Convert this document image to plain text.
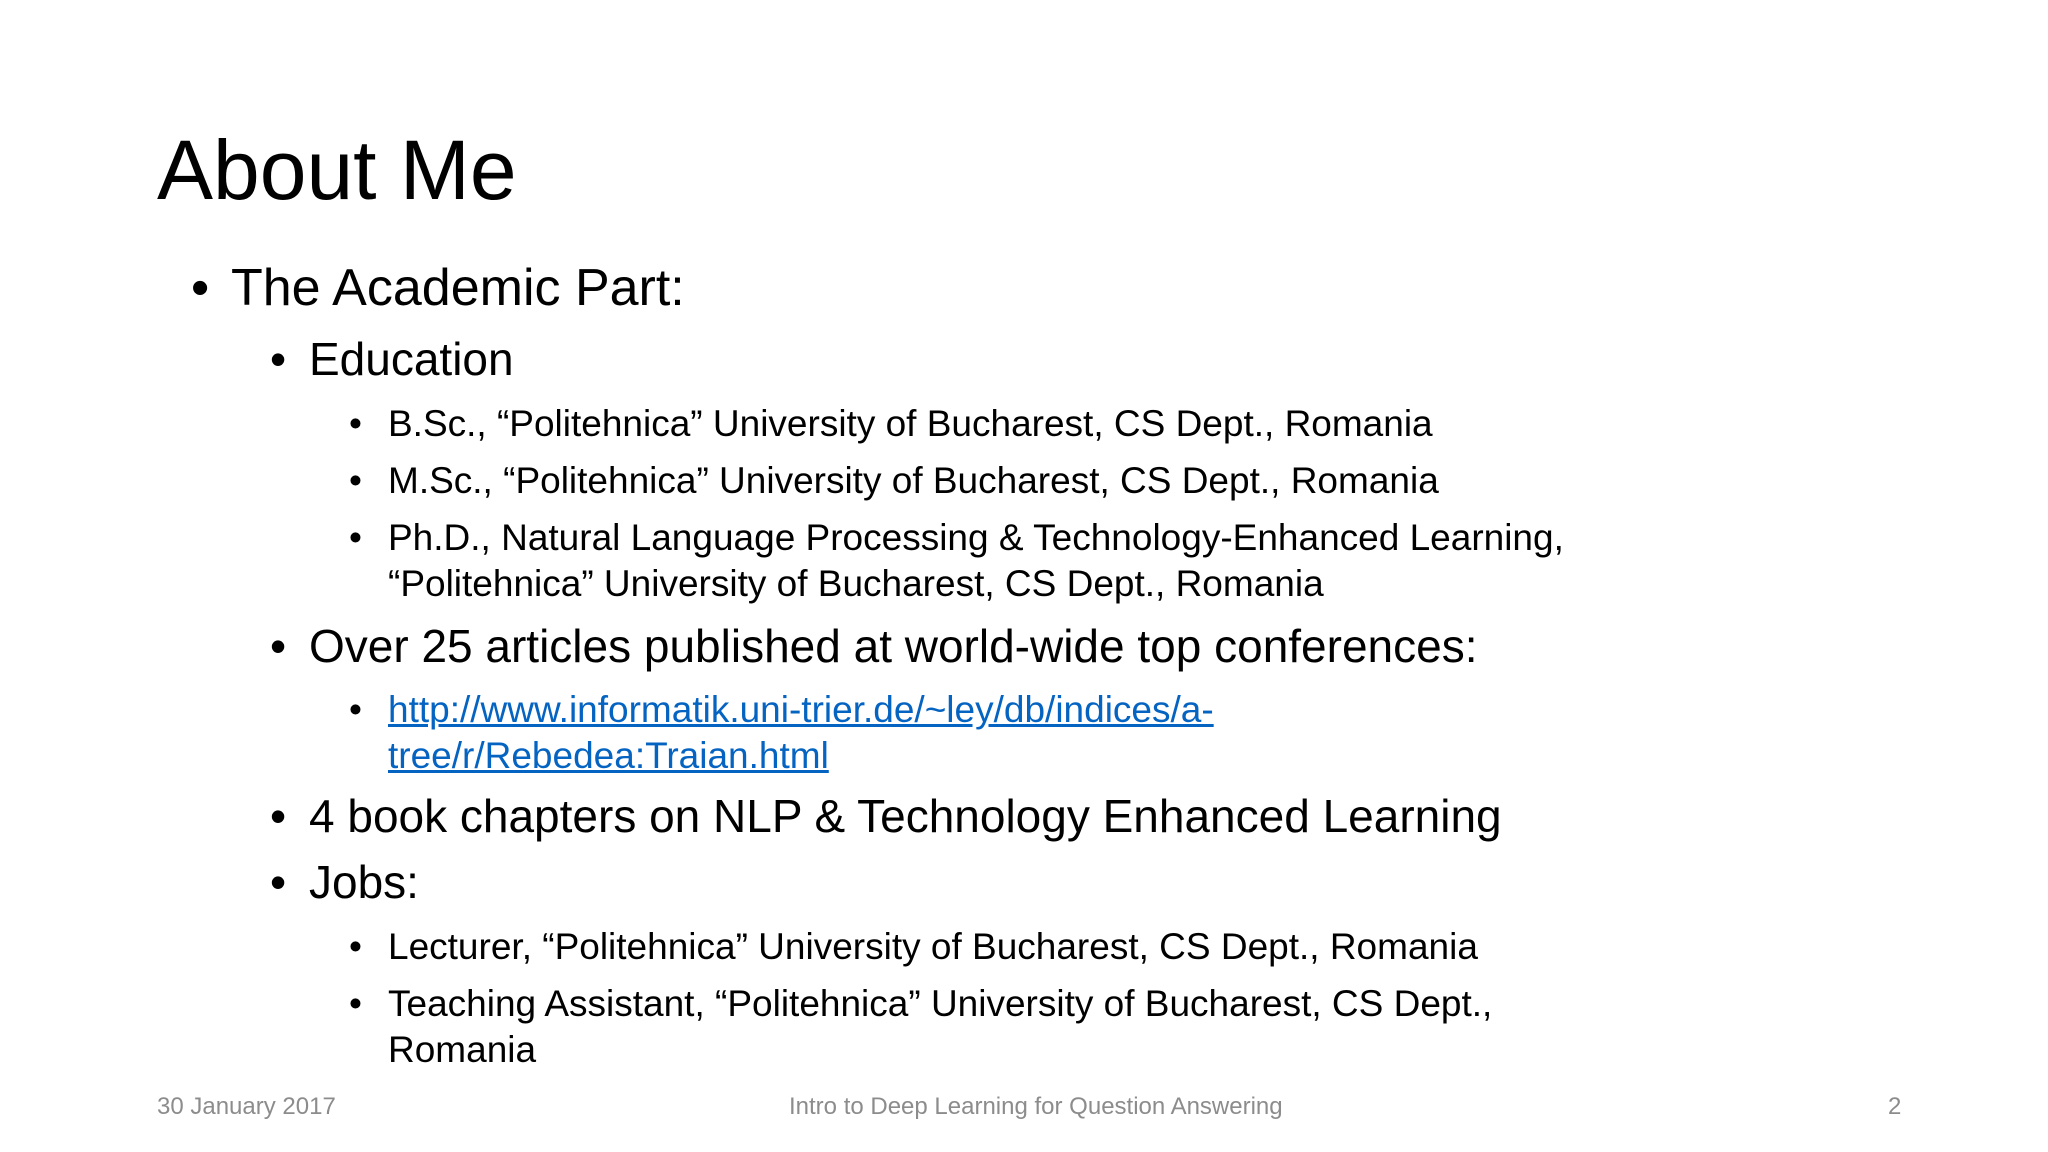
About Me
• The Academic Part:
• Education
• B.Sc., “Politehnica” University of Bucharest, CS Dept., Romania
• M.Sc., “Politehnica” University of Bucharest, CS Dept., Romania
• Ph.D., Natural Language Processing & Technology-Enhanced Learning,
“Politehnica” University of Bucharest, CS Dept., Romania
• Over 25 articles published at world-wide top conferences:
• http://www.informatik.uni-trier.de/~ley/db/indices/a-
tree/r/Rebedea:Traian.html
• 4 book chapters on NLP & Technology Enhanced Learning
• Jobs:
• Lecturer, “Politehnica” University of Bucharest, CS Dept., Romania
• Teaching Assistant, “Politehnica” University of Bucharest, CS Dept.,
Romania
30 January 2017	Intro to Deep Learning for Question Answering	2
